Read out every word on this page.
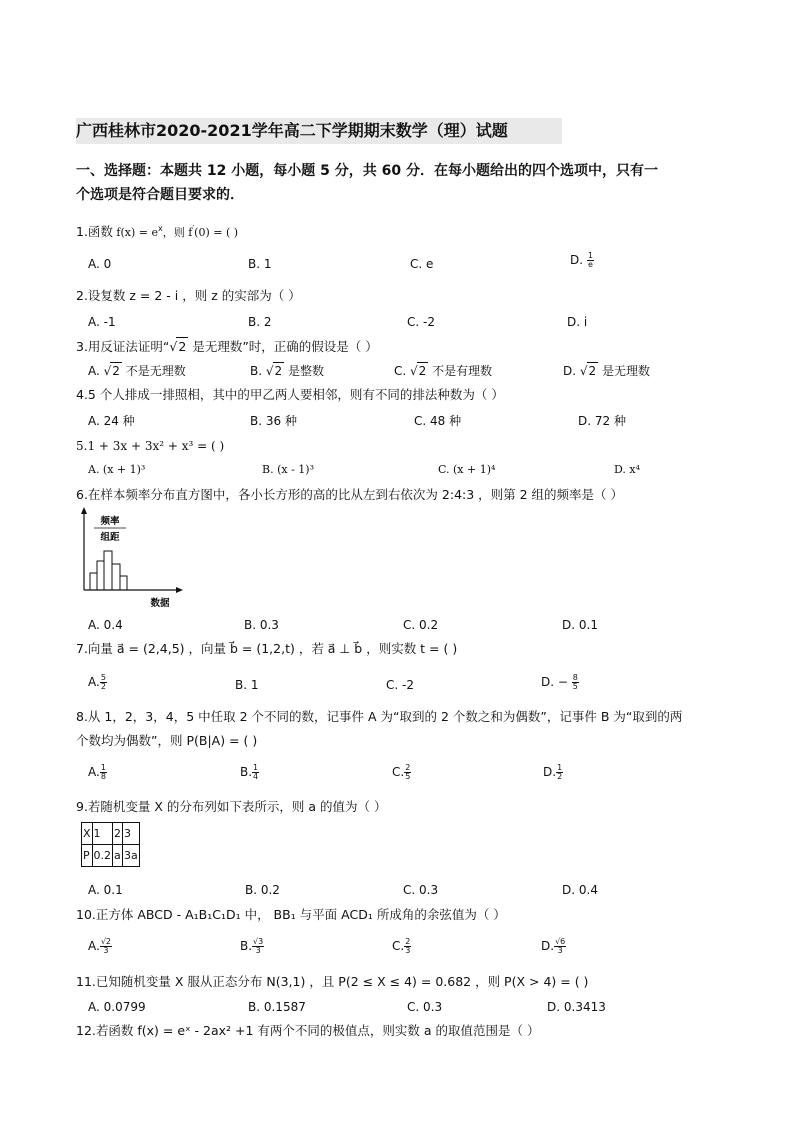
广西桂林市2020-2021学年高二下学期期末数学（理）试题
一、选择题：本题共 12 小题，每小题 5 分，共 60 分．在每小题给出的四个选项中，只有一
个选项是符合题目要求的．
1.函数 $f(x) = e^x$，则 f′(0) = ( )
A. 0	B. 1	C. e	D. $\frac{1}{e}$
2.设复数 z = 2 - i ，则 z 的实部为（ ）
A. -1	B. 2	C. -2	D. i
3.用反证法证明“√2 是无理数”时，正确的假设是（ ）
A. √2 不是无理数	B. √2 是整数	C. √2 不是有理数	D. √2 是无理数
4.5 个人排成一排照相，其中的甲乙两人要相邻，则有不同的排法种数为（ ）
A. 24 种	B. 36 种	C. 48 种	D. 72 种
5.1 + 3x + 3x² + x³ = ( )
A. (x + 1)³	B. (x - 1)³	C. (x + 1)⁴	D. x⁴
6.在样本频率分布直方图中，各小长方形的高的比从左到右依次为 2:4:3 ，则第 2 组的频率是（ ）
频率
组距
数据
A. 0.4	B. 0.3	C. 0.2	D. 0.1
7.向量 a⃗ = (2,4,5) ，向量 b⃗ = (1,2,t) ，若 a⃗ ⊥ b⃗ ，则实数 t = ( )
A. $\frac{5}{2}$	B. 1	C. -2	D. − $\frac{8}{5}$
8.从 1，2，3，4，5 中任取 2 个不同的数，记事件 A 为“取到的 2 个数之和为偶数”，记事件 B 为“取到的两
个数均为偶数”，则 P(B|A) = ( )
A. $\frac{1}{8}$	B. $\frac{1}{4}$	C. $\frac{2}{5}$	D. $\frac{1}{2}$
9.若随机变量 X 的分布列如下表所示，则 a 的值为（ ）
X	1	2	3
P	0.2	a	3a
A. 0.1	B. 0.2	C. 0.3	D. 0.4
10.正方体 ABCD - A₁B₁C₁D₁ 中， BB₁ 与平面 ACD₁ 所成角的余弦值为（ ）
A. $\frac{√2}{3}$	B. $\frac{√3}{3}$	C. $\frac{2}{3}$	D. $\frac{√6}{3}$
11.已知随机变量 X 服从正态分布 N(3,1) ，且 P(2 ≤ X ≤ 4) = 0.682 ，则 P(X > 4) = ( )
A. 0.0799	B. 0.1587	C. 0.3	D. 0.3413
12.若函数 f(x) = eˣ - 2ax² +1 有两个不同的极值点，则实数 a 的取值范围是（ ）
